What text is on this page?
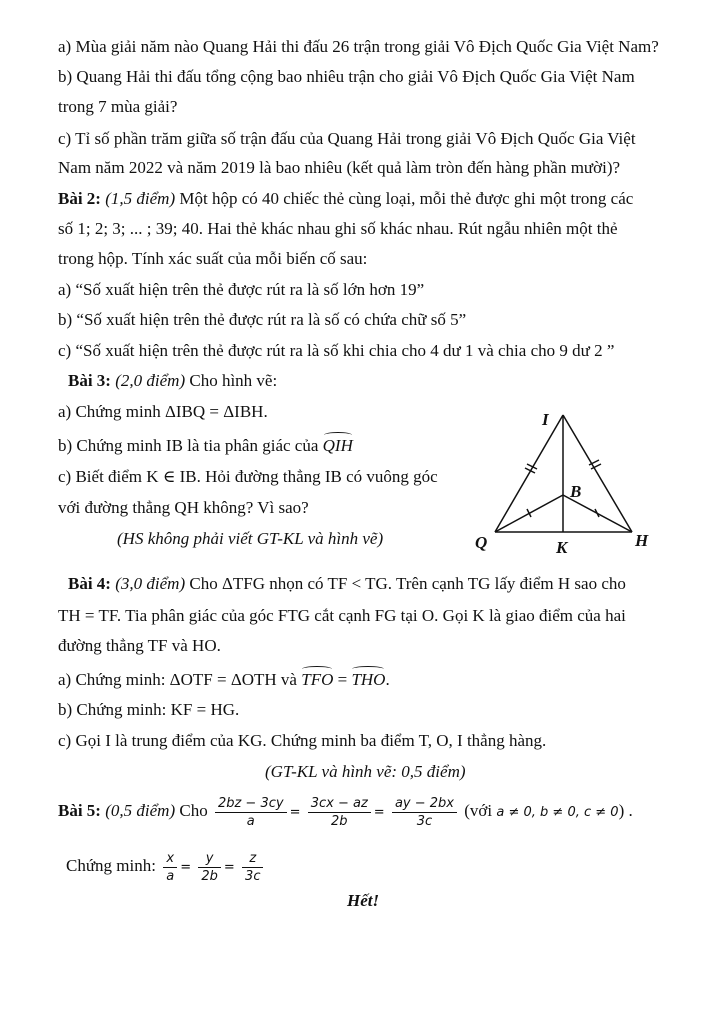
a) Mùa giải năm nào Quang Hải thi đấu 26 trận trong giải Vô Địch Quốc Gia Việt Nam?
b) Quang Hải thi đấu tổng cộng bao nhiêu trận cho giải Vô Địch Quốc Gia Việt Nam
trong 7 mùa giải?
c) Tỉ số phần trăm giữa số trận đấu của Quang Hải trong giải Vô Địch Quốc Gia Việt
Nam năm 2022 và năm 2019 là bao nhiêu (kết quả làm tròn đến hàng phần mười)?
Bài 2: (1,5 điểm) Một hộp có 40 chiếc thẻ cùng loại, mỗi thẻ được ghi một trong các
số 1; 2; 3; ... ; 39; 40. Hai thẻ khác nhau ghi số khác nhau. Rút ngẫu nhiên một thẻ
trong hộp. Tính xác suất của mỗi biến cố sau:
a) “Số xuất hiện trên thẻ được rút ra là số lớn hơn 19”
b) “Số xuất hiện trên thẻ được rút ra là số có chứa chữ số 5”
c) “Số xuất hiện trên thẻ được rút ra là số khi chia cho 4 dư 1 và chia cho 9 dư 2 ”
Bài 3: (2,0 điểm) Cho hình vẽ:
a) Chứng minh ΔIBQ = ΔIBH.
b) Chứng minh IB là tia phân giác của QIH
c) Biết điểm K ∈ IB. Hỏi đường thẳng IB có vuông góc
với đường thẳng QH không? Vì sao?
(HS không phải viết GT-KL và hình vẽ)
I
B
Q	K	H
Bài 4: (3,0 điểm) Cho ΔTFG nhọn có TF < TG. Trên cạnh TG lấy điểm H sao cho
TH = TF. Tia phân giác của góc FTG cắt cạnh FG tại O. Gọi K là giao điểm của hai
đường thẳng TF và HO.
a) Chứng minh: ΔOTF = ΔOTH và TFO = THO.
b) Chứng minh: KF = HG.
c) Gọi I là trung điểm của KG. Chứng minh ba điểm T, O, I thẳng hàng.
(GT-KL và hình vẽ: 0,5 điểm)
Bài 5: (0,5 điểm) Cho $\frac{2bz - 3cy}{a} = \frac{3cx - az}{2b} = \frac{ay - 2bx}{3c}$ (với a ≠ 0, b ≠ 0, c ≠ 0) .
Chứng minh: $\frac{x}{a} = \frac{y}{2b} = \frac{z}{3c}$
Hết!
